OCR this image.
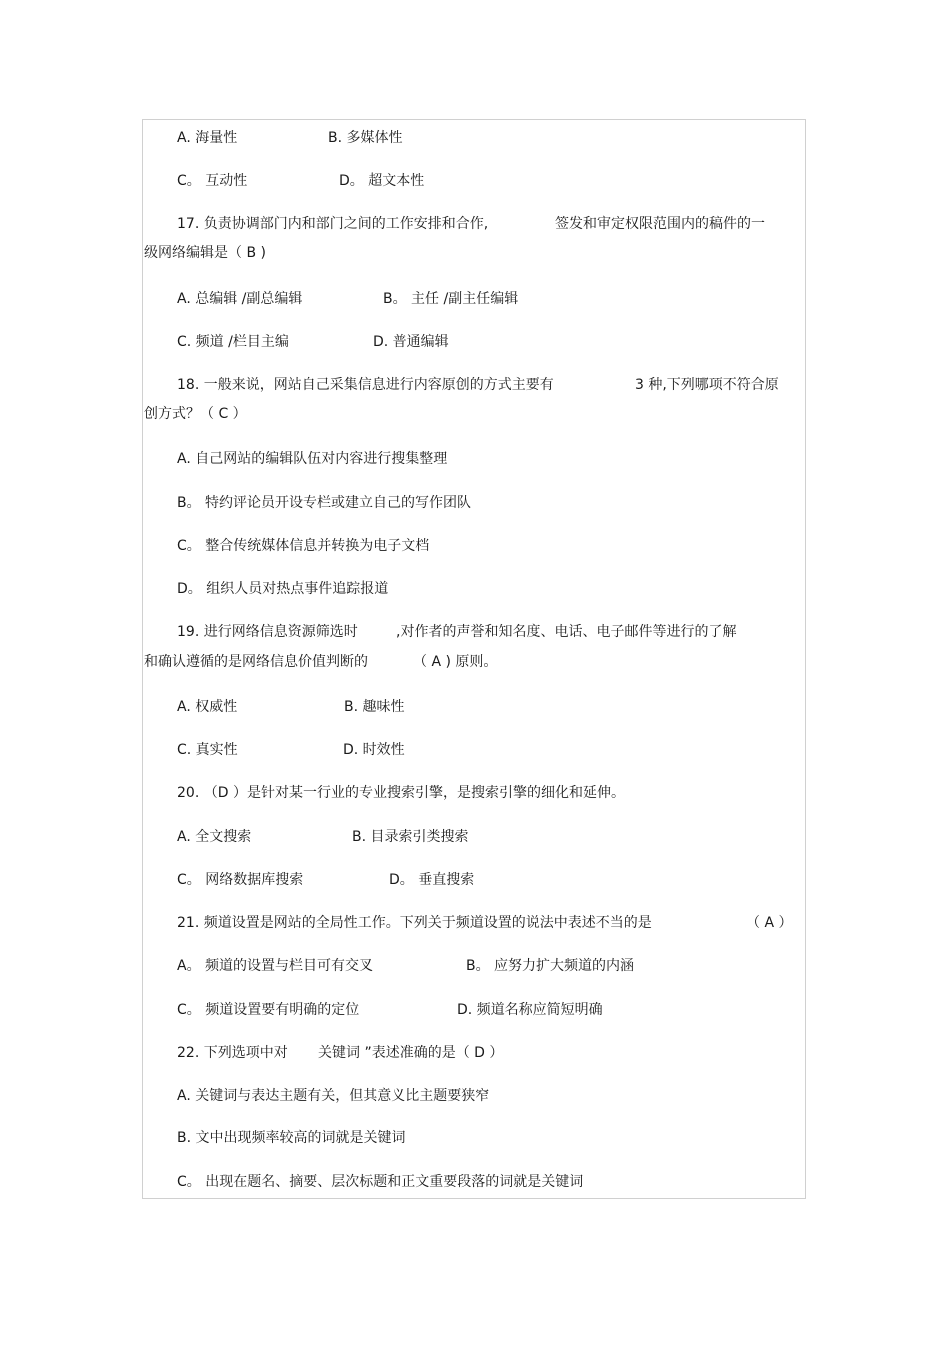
A. 海量性	B. 多媒体性
C。 互动性	D。 超文本性
17. 负责协调部门内和部门之间的工作安排和合作,	签发和审定权限范围内的稿件的一
级网络编辑是（ B )
A. 总编辑 /副总编辑	B。 主任 /副主任编辑
C. 频道 /栏目主编	D. 普通编辑
18. 一般来说，网站自己采集信息进行内容原创的方式主要有	3 种,下列哪项不符合原
创方式？（ C ）
A. 自己网站的编辑队伍对内容进行搜集整理
B。 特约评论员开设专栏或建立自己的写作团队
C。 整合传统媒体信息并转换为电子文档
D。 组织人员对热点事件追踪报道
19. 进行网络信息资源筛选时	,对作者的声誉和知名度、电话、电子邮件等进行的了解
和确认遵循的是网络信息价值判断的	（ A ) 原则。
A. 权威性	B. 趣味性
C. 真实性	D. 时效性
20. （D ）是针对某一行业的专业搜索引擎，是搜索引擎的细化和延伸。
A. 全文搜索	B. 目录索引类搜索
C。 网络数据库搜索	D。 垂直搜索
21. 频道设置是网站的全局性工作。下列关于频道设置的说法中表述不当的是	（ A ）
A。 频道的设置与栏目可有交叉	B。 应努力扩大频道的内涵
C。 频道设置要有明确的定位	D. 频道名称应简短明确
22. 下列选项中对 关键词 ”表述准确的是（ D ）
A. 关键词与表达主题有关，但其意义比主题要狭窄
B. 文中出现频率较高的词就是关键词
C。 出现在题名、摘要、层次标题和正文重要段落的词就是关键词
